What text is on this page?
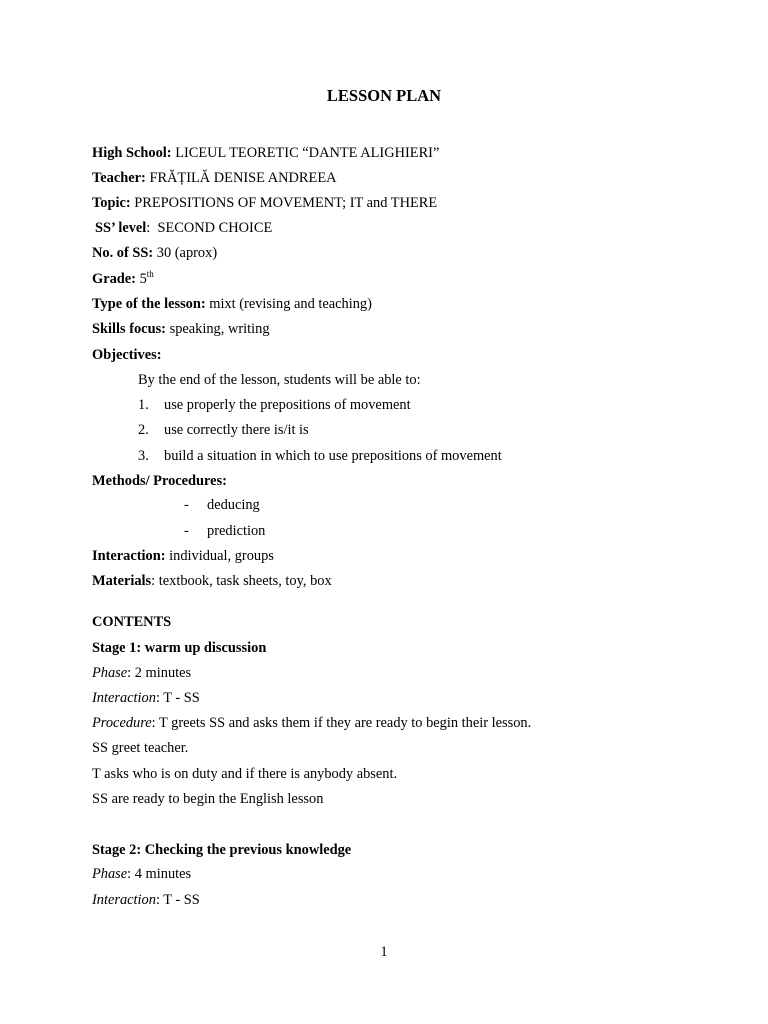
LESSON PLAN
High School: LICEUL TEORETIC “DANTE ALIGHIERI”
Teacher: FRĂȚILĂ DENISE ANDREEA
Topic: PREPOSITIONS OF MOVEMENT; IT and THERE
SS’ level:  SECOND CHOICE
No. of SS: 30 (aprox)
Grade: 5th
Type of the lesson: mixt (revising and teaching)
Skills focus: speaking, writing
Objectives:
By the end of the lesson, students will be able to:
1. use properly the prepositions of movement
2. use correctly there is/it is
3. build a situation in which to use prepositions of movement
Methods/ Procedures:
- deducing
- prediction
Interaction: individual, groups
Materials: textbook, task sheets, toy, box
CONTENTS
Stage 1: warm up discussion
Phase: 2 minutes
Interaction: T - SS
Procedure: T greets SS and asks them if they are ready to begin their lesson.
SS greet teacher.
T asks who is on duty and if there is anybody absent.
SS are ready to begin the English lesson
Stage 2: Checking the previous knowledge
Phase: 4 minutes
Interaction: T - SS
1
